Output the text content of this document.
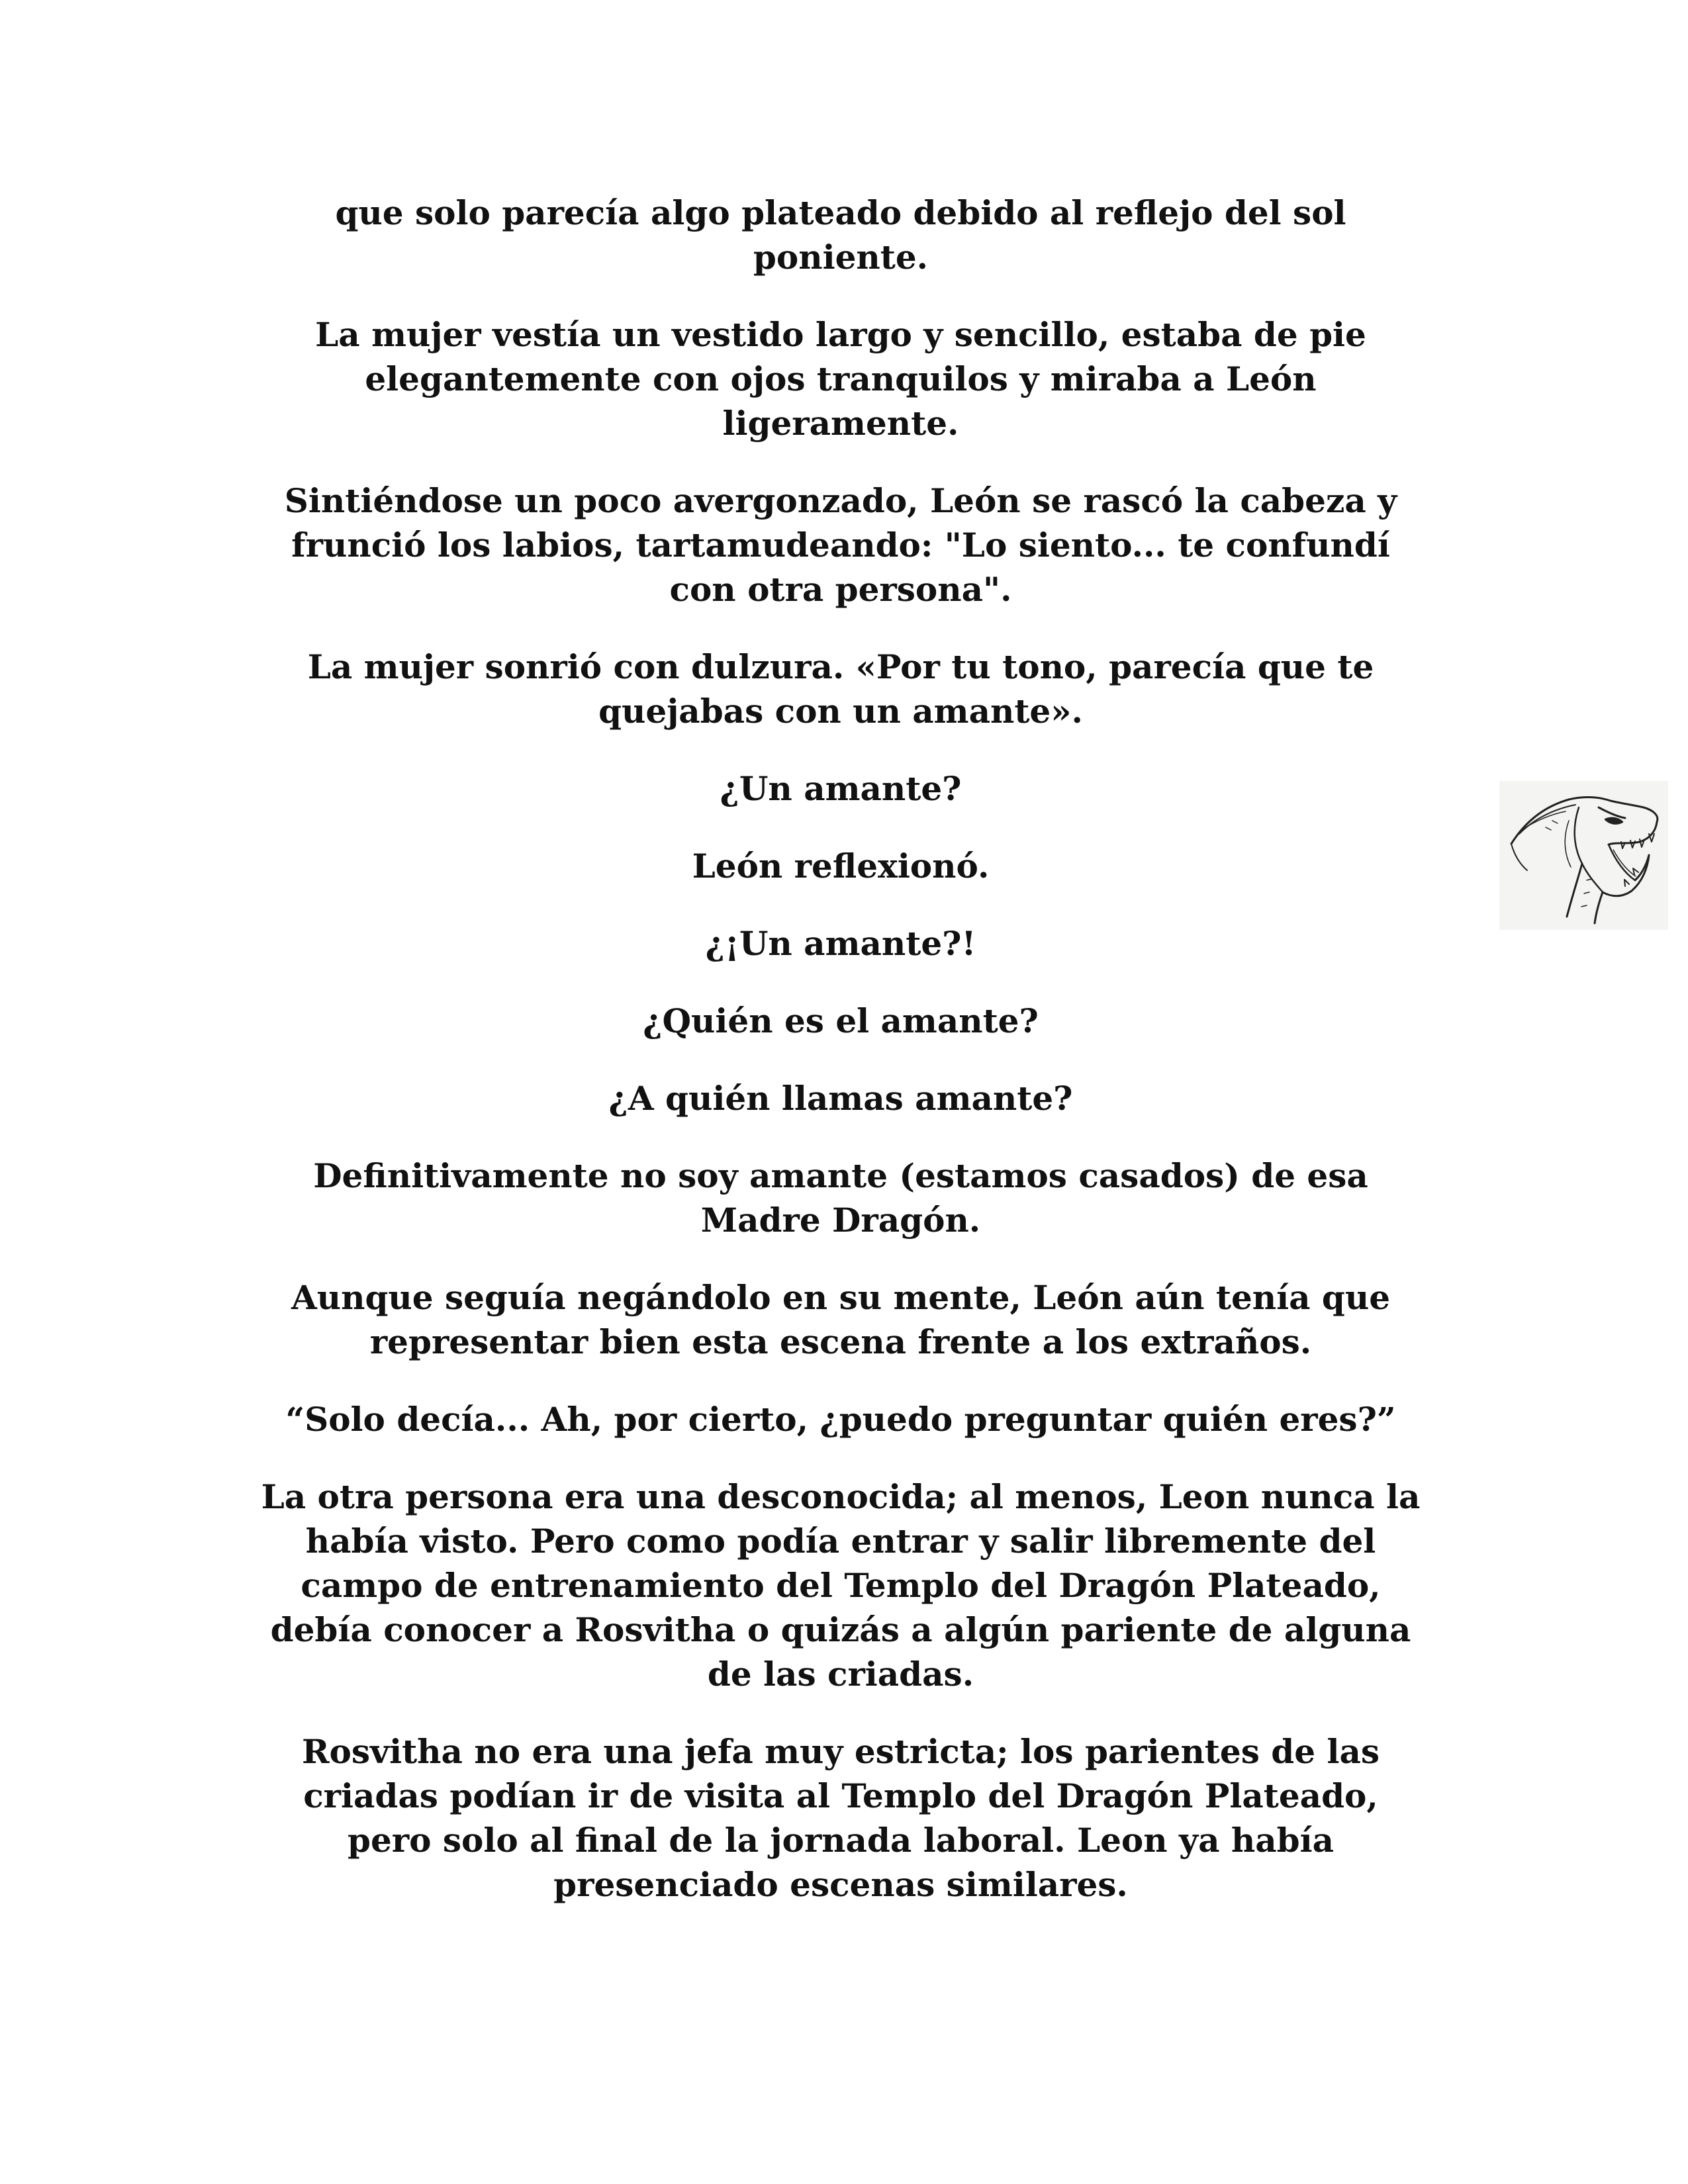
que solo parecía algo plateado debido al reflejo del sol
poniente.

La mujer vestía un vestido largo y sencillo, estaba de pie
elegantemente con ojos tranquilos y miraba a León
ligeramente.

Sintiéndose un poco avergonzado, León se rascó la cabeza y
frunció los labios, tartamudeando: "Lo siento... te confundí
con otra persona".

La mujer sonrió con dulzura. «Por tu tono, parecía que te
quejabas con un amante».

¿Un amante?

León reflexionó.

¿¡Un amante?!

¿Quién es el amante?

¿A quién llamas amante?

Definitivamente no soy amante (estamos casados) de esa
Madre Dragón.

Aunque seguía negándolo en su mente, León aún tenía que
representar bien esta escena frente a los extraños.

“Solo decía... Ah, por cierto, ¿puedo preguntar quién eres?”

La otra persona era una desconocida; al menos, Leon nunca la
había visto. Pero como podía entrar y salir libremente del
campo de entrenamiento del Templo del Dragón Plateado,
debía conocer a Rosvitha o quizás a algún pariente de alguna
de las criadas.

Rosvitha no era una jefa muy estricta; los parientes de las
criadas podían ir de visita al Templo del Dragón Plateado,
pero solo al final de la jornada laboral. Leon ya había
presenciado escenas similares.
